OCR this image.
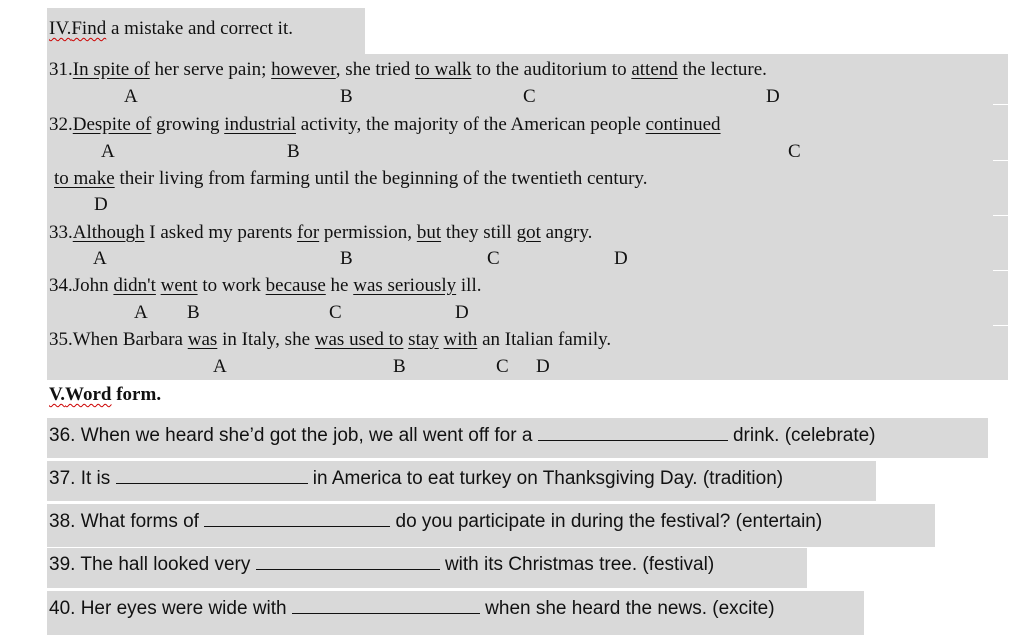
IV.Find a mistake and correct it.
31.In spite of her serve pain; however, she tried to walk to the auditorium to attend the lecture.
A	B	C	D
32.Despite of growing industrial activity, the majority of the American people continued
A	B	C
to make their living from farming until the beginning of the twentieth century.
D
33.Although I asked my parents for permission, but they still got angry.
A	B	C	D
34.John didn't went to work because he was seriously ill.
A B	C	D
35.When Barbara was in Italy, she was used to stay with an Italian family.
A	B	C D
V.Word form.
36. When we heard she’d got the job, we all went off for a	drink. (celebrate)
37. It is	in America to eat turkey on Thanksgiving Day. (tradition)
38. What forms of	do you participate in during the festival? (entertain)
39. The hall looked very	with its Christmas tree. (festival)
40. Her eyes were wide with	when she heard the news. (excite)
